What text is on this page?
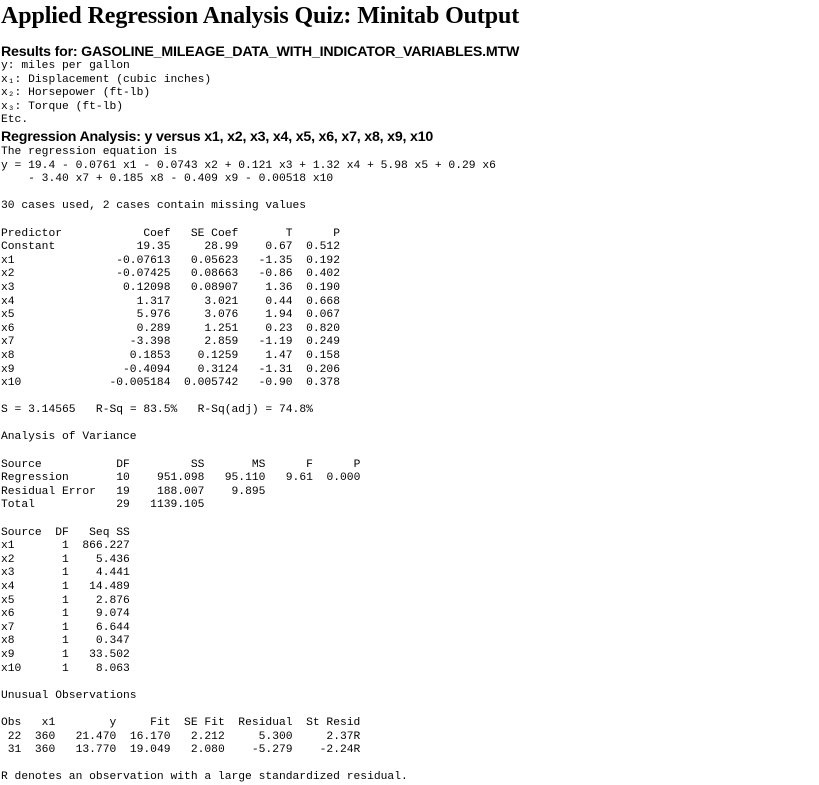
Applied Regression Analysis Quiz: Minitab Output
Results for: GASOLINE_MILEAGE_DATA_WITH_INDICATOR_VARIABLES.MTW
y: miles per gallon
x₁: Displacement (cubic inches)
x₂: Horsepower (ft-lb)
x₃: Torque (ft-lb)
Etc.
Regression Analysis: y versus x1, x2, x3, x4, x5, x6, x7, x8, x9, x10
The regression equation is
y = 19.4 - 0.0761 x1 - 0.0743 x2 + 0.121 x3 + 1.32 x4 + 5.98 x5 + 0.29 x6
- 3.40 x7 + 0.185 x8 - 0.409 x9 - 0.00518 x10

30 cases used, 2 cases contain missing values

Predictor            Coef   SE Coef       T      P
Constant            19.35     28.99    0.67  0.512
x1               -0.07613   0.05623   -1.35  0.192
x2               -0.07425   0.08663   -0.86  0.402
x3                0.12098   0.08907    1.36  0.190
x4                  1.317     3.021    0.44  0.668
x5                  5.976     3.076    1.94  0.067
x6                  0.289     1.251    0.23  0.820
x7                 -3.398     2.859   -1.19  0.249
x8                 0.1853    0.1259    1.47  0.158
x9                -0.4094    0.3124   -1.31  0.206
x10             -0.005184  0.005742   -0.90  0.378

S = 3.14565 R-Sq = 83.5% R-Sq(adj) = 74.8%

Analysis of Variance

Source           DF         SS       MS      F      P
Regression       10    951.098   95.110   9.61  0.000
Residual Error   19    188.007    9.895
Total            29   1139.105

Source  DF   Seq SS
x1       1  866.227
x2       1    5.436
x3       1    4.441
x4       1   14.489
x5       1    2.876
x6       1    9.074
x7       1    6.644
x8       1    0.347
x9       1   33.502
x10      1    8.063

Unusual Observations

Obs   x1        y     Fit  SE Fit  Residual  St Resid
22  360   21.470  16.170   2.212     5.300     2.37R
31  360   13.770  19.049   2.080    -5.279    -2.24R

R denotes an observation with a large standardized residual.
